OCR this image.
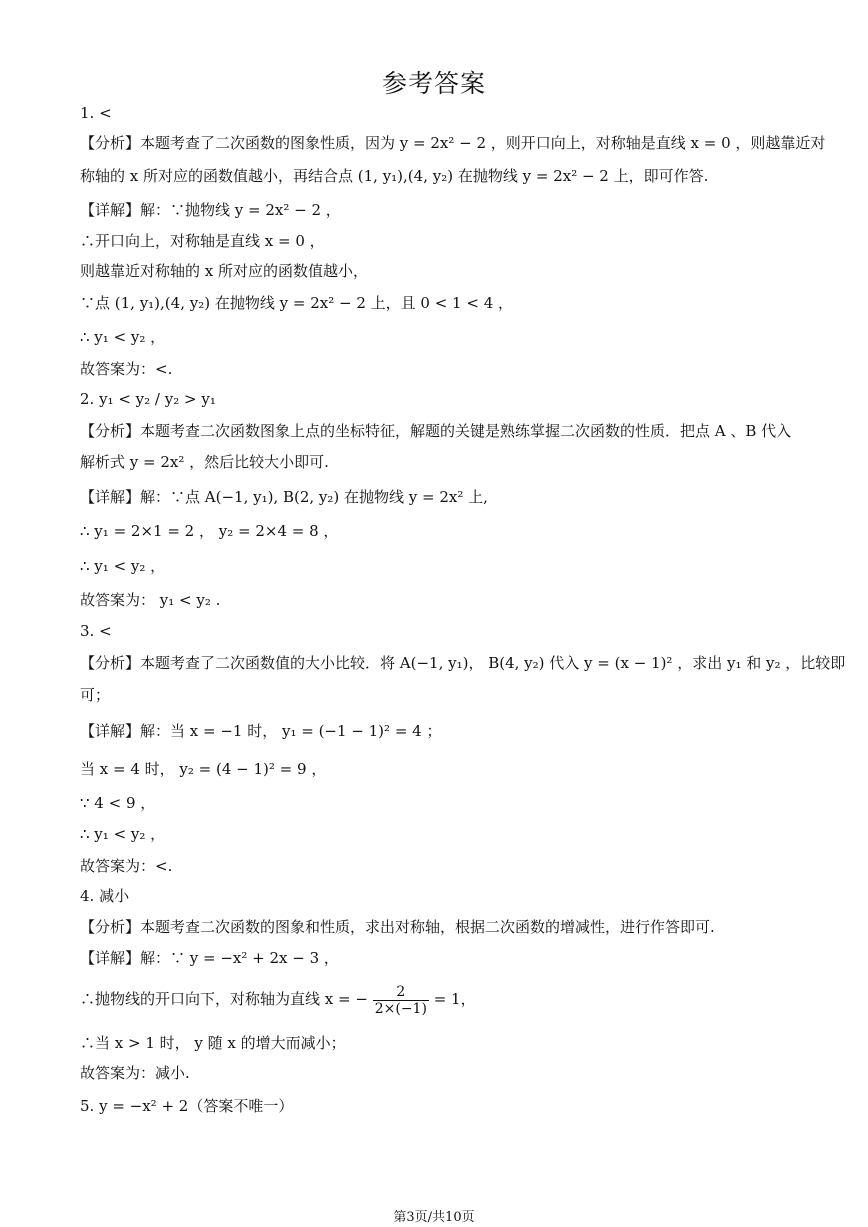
参考答案
1. <
【分析】本题考查了二次函数的图象性质，因为 y = 2x² − 2 ，则开口向上，对称轴是直线 x = 0 ，则越靠近对
称轴的 x 所对应的函数值越小，再结合点 (1, y₁),(4, y₂) 在抛物线 y = 2x² − 2 上，即可作答.
【详解】解：∵抛物线 y = 2x² − 2 ，
∴开口向上，对称轴是直线 x = 0 ，
则越靠近对称轴的 x 所对应的函数值越小，
∵点 (1, y₁),(4, y₂) 在抛物线 y = 2x² − 2 上，且 0 < 1 < 4 ，
∴ y₁ < y₂ ，
故答案为：<.
2. y₁ < y₂ / y₂ > y₁
【分析】本题考查二次函数图象上点的坐标特征，解题的关键是熟练掌握二次函数的性质．把点 A 、B 代入
解析式 y = 2x² ，然后比较大小即可.
【详解】解：∵点 A(−1, y₁), B(2, y₂) 在抛物线 y = 2x² 上,
∴ y₁ = 2×1 = 2 ， y₂ = 2×4 = 8 ，
∴ y₁ < y₂ ，
故答案为： y₁ < y₂ .
3. <
【分析】本题考查了二次函数值的大小比较．将 A(−1, y₁)， B(4, y₂) 代入 y = (x − 1)² ，求出 y₁ 和 y₂ ，比较即
可；
【详解】解：当 x = −1 时， y₁ = (−1 − 1)² = 4 ；
当 x = 4 时， y₂ = (4 − 1)² = 9 ，
∵ 4 < 9 ，
∴ y₁ < y₂ ，
故答案为：<.
4. 减小
【分析】本题考查二次函数的图象和性质，求出对称轴，根据二次函数的增减性，进行作答即可.
【详解】解：∵ y = −x² + 2x − 3 ，
∴抛物线的开口向下，对称轴为直线 x = − $\frac{2}{2\times(-1)} = 1$，
∴当 x > 1 时， y 随 x 的增大而减小；
故答案为：减小.
5. y = −x² + 2（答案不唯一）
第3页/共10页
